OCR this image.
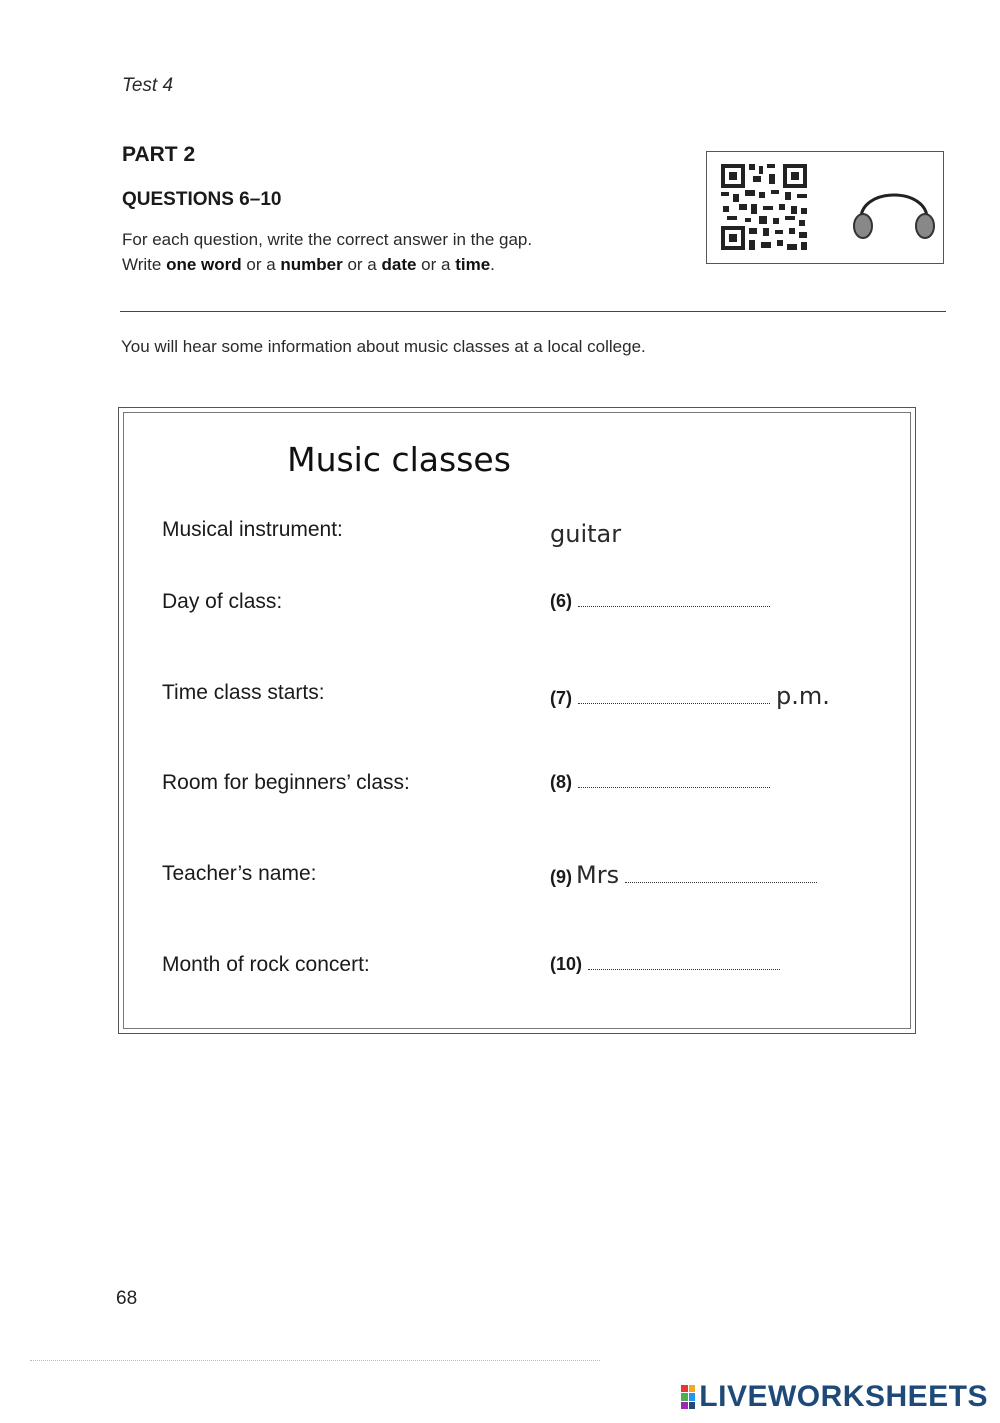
Test 4
PART 2
QUESTIONS 6–10
For each question, write the correct answer in the gap.
Write one word or a number or a date or a time.
You will hear some information about music classes at a local college.
Music classes
Musical instrument:	guitar
Day of class:	(6)
Time class starts:	(7)	p.m.
Room for beginners’ class:	(8)
Teacher’s name:	(9) Mrs
Month of rock concert:	(10)
68
LIVEWORKSHEETS
